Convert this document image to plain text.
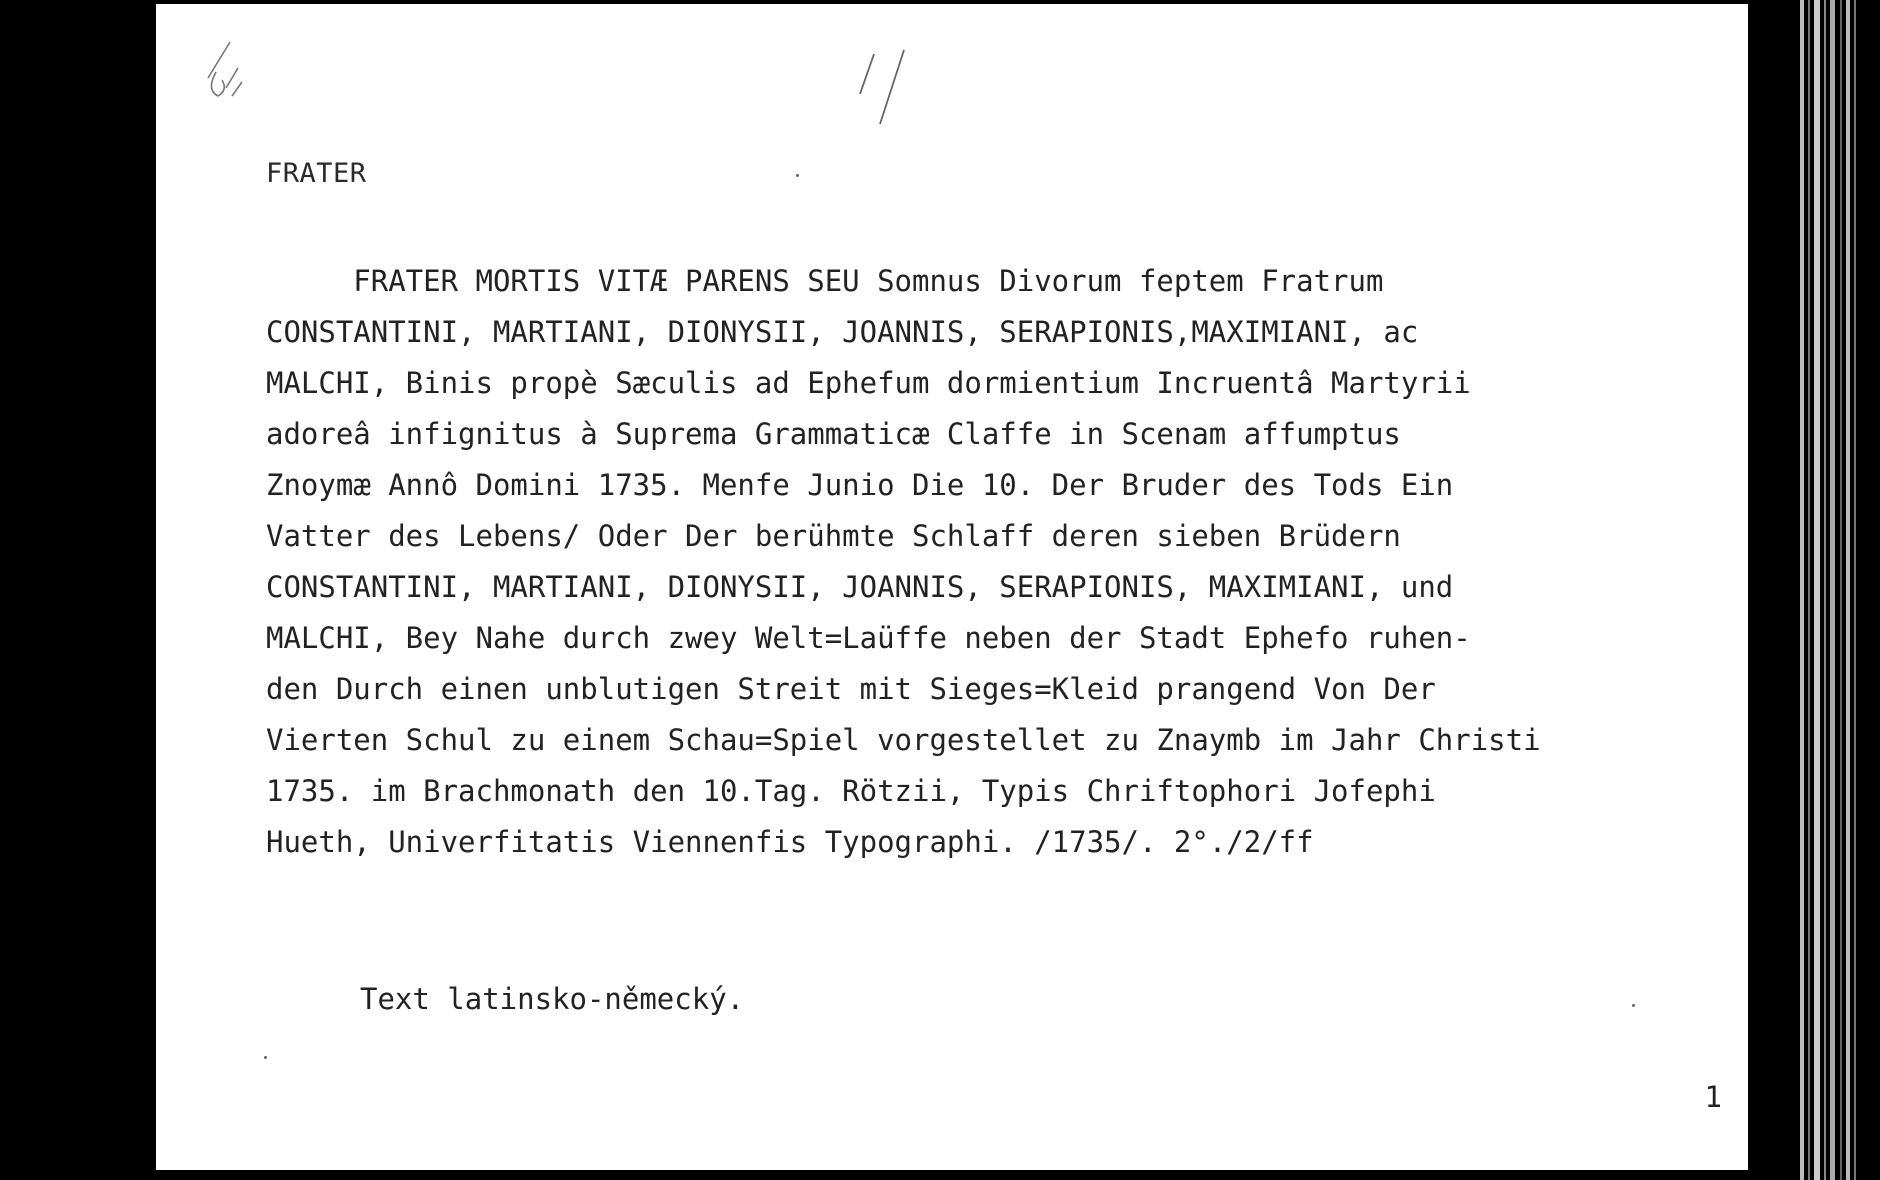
FRATER
FRATER MORTIS VITÆ PARENS SEU Somnus Divorum feptem Fratrum
CONSTANTINI, MARTIANI, DIONYSII, JOANNIS, SERAPIONIS,MAXIMIANI, ac
MALCHI, Binis propè Sæculis ad Ephefum dormientium Incruentâ Martyrii
adoreâ infignitus à Suprema Grammaticæ Claffe in Scenam affumptus
Znoymæ Annô Domini 1735. Menfe Junio Die 10. Der Bruder des Tods Ein
Vatter des Lebens/ Oder Der berühmte Schlaff deren sieben Brüdern
CONSTANTINI, MARTIANI, DIONYSII, JOANNIS, SERAPIONIS, MAXIMIANI, und
MALCHI, Bey Nahe durch zwey Welt=Laüffe neben der Stadt Ephefo ruhen-
den Durch einen unblutigen Streit mit Sieges=Kleid prangend Von Der
Vierten Schul zu einem Schau=Spiel vorgestellet zu Znaymb im Jahr Christi
1735. im Brachmonath den 10.Tag. Rötzii, Typis Chriftophori Jofephi
Hueth, Univerfitatis Viennenfis Typographi. /1735/. 2°./2/ff
Text latinsko-německý.
1
